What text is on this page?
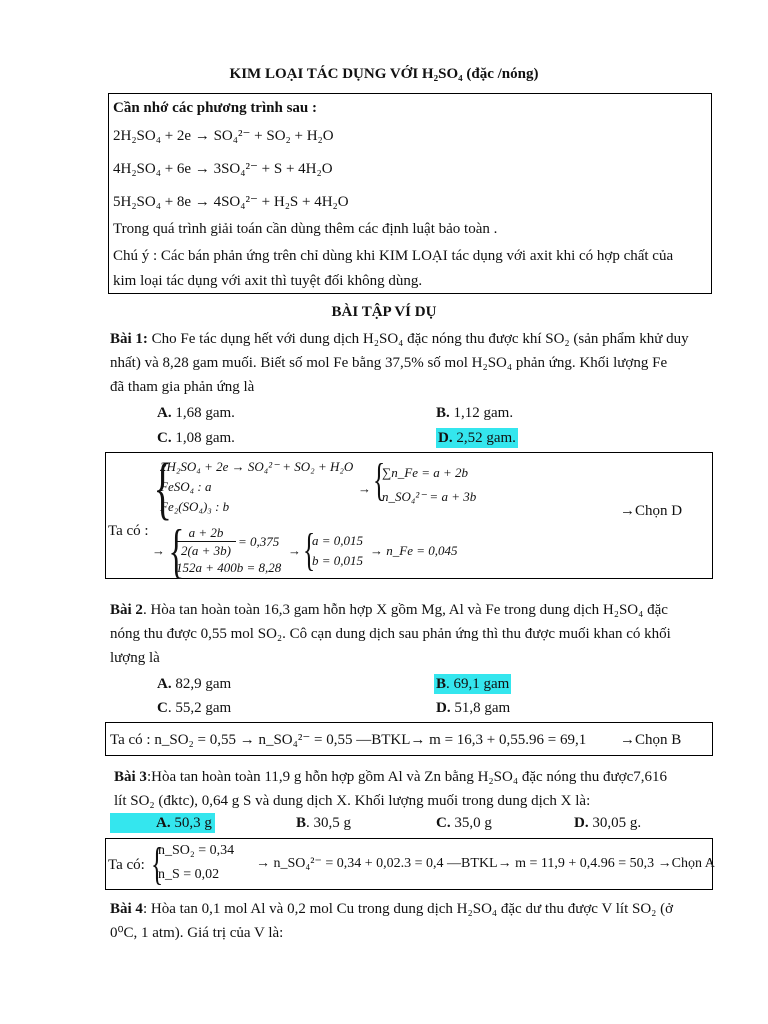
KIM LOẠI TÁC DỤNG VỚI H₂SO₄ (đặc /nóng)
Cần nhớ các phương trình sau :
2H₂SO₄ + 2e → SO₄²⁻ + SO₂ + H₂O
4H₂SO₄ + 6e → 3SO₄²⁻ + S + 4H₂O
5H₂SO₄ + 8e → 4SO₄²⁻ + H₂S + 4H₂O
Trong quá trình giải toán cần dùng thêm các định luật bảo toàn .
Chú ý : Các bán phản ứng trên chỉ dùng khi KIM LOẠI tác dụng với axit khi có hợp chất của
kim loại tác dụng với axit thì tuyệt đối không dùng.
BÀI TẬP VÍ DỤ
Bài 1: Cho Fe tác dụng hết với dung dịch H₂SO₄ đặc nóng thu được khí SO₂ (sản phẩm khử duy
nhất) và 8,28 gam muối. Biết số mol Fe bằng 37,5% số mol H₂SO₄ phản ứng. Khối lượng Fe
đã tham gia phản ứng là
A. 1,68 gam.	B. 1,12 gam.
C. 1,08 gam.	D. 2,52 gam.
{
2H₂SO₄ + 2e → SO₄²⁻ + SO₂ + H₂O
FeSO₄ : a
Fe₂(SO₄)₃ : b
→ {
∑n_Fe = a + 2b
n_SO₄²⁻ = a + 3b
Ta có :
→ { a + 2b
2(a + 3b)
= 0,375
152a + 400b = 8,28
→ {
a = 0,015
b = 0,015
→ n_Fe = 0,045
→Chọn D
Bài 2. Hòa tan hoàn toàn 16,3 gam hỗn hợp X gồm Mg, Al và Fe trong dung dịch H₂SO₄ đặc
nóng thu được 0,55 mol SO₂. Cô cạn dung dịch sau phản ứng thì thu được muối khan có khối
lượng là
A. 82,9 gam	B. 69,1 gam
C. 55,2 gam	D. 51,8 gam
Ta có : n_SO₂ = 0,55 → n_SO₄²⁻ = 0,55 —BTKL→ m = 16,3 + 0,55.96 = 69,1 →Chọn B
Bài 3:Hòa tan hoàn toàn 11,9 g hỗn hợp gồm Al và Zn bằng H₂SO₄ đặc nóng thu được7,616
lít SO₂ (đktc), 0,64 g S và dung dịch X. Khối lượng muối trong dung dịch X là:
A. 50,3 g	B. 30,5 g	C. 35,0 g	D. 30,05 g.
Ta có: {
n_SO₂ = 0,34
n_S = 0,02
→ n_SO₄²⁻ = 0,34 + 0,02.3 = 0,4 —BTKL→ m = 11,9 + 0,4.96 = 50,3 →Chọn A
Bài 4: Hòa tan 0,1 mol Al và 0,2 mol Cu trong dung dịch H₂SO₄ đặc dư thu được V lít SO₂ (ở
0⁰C, 1 atm). Giá trị của V là:
